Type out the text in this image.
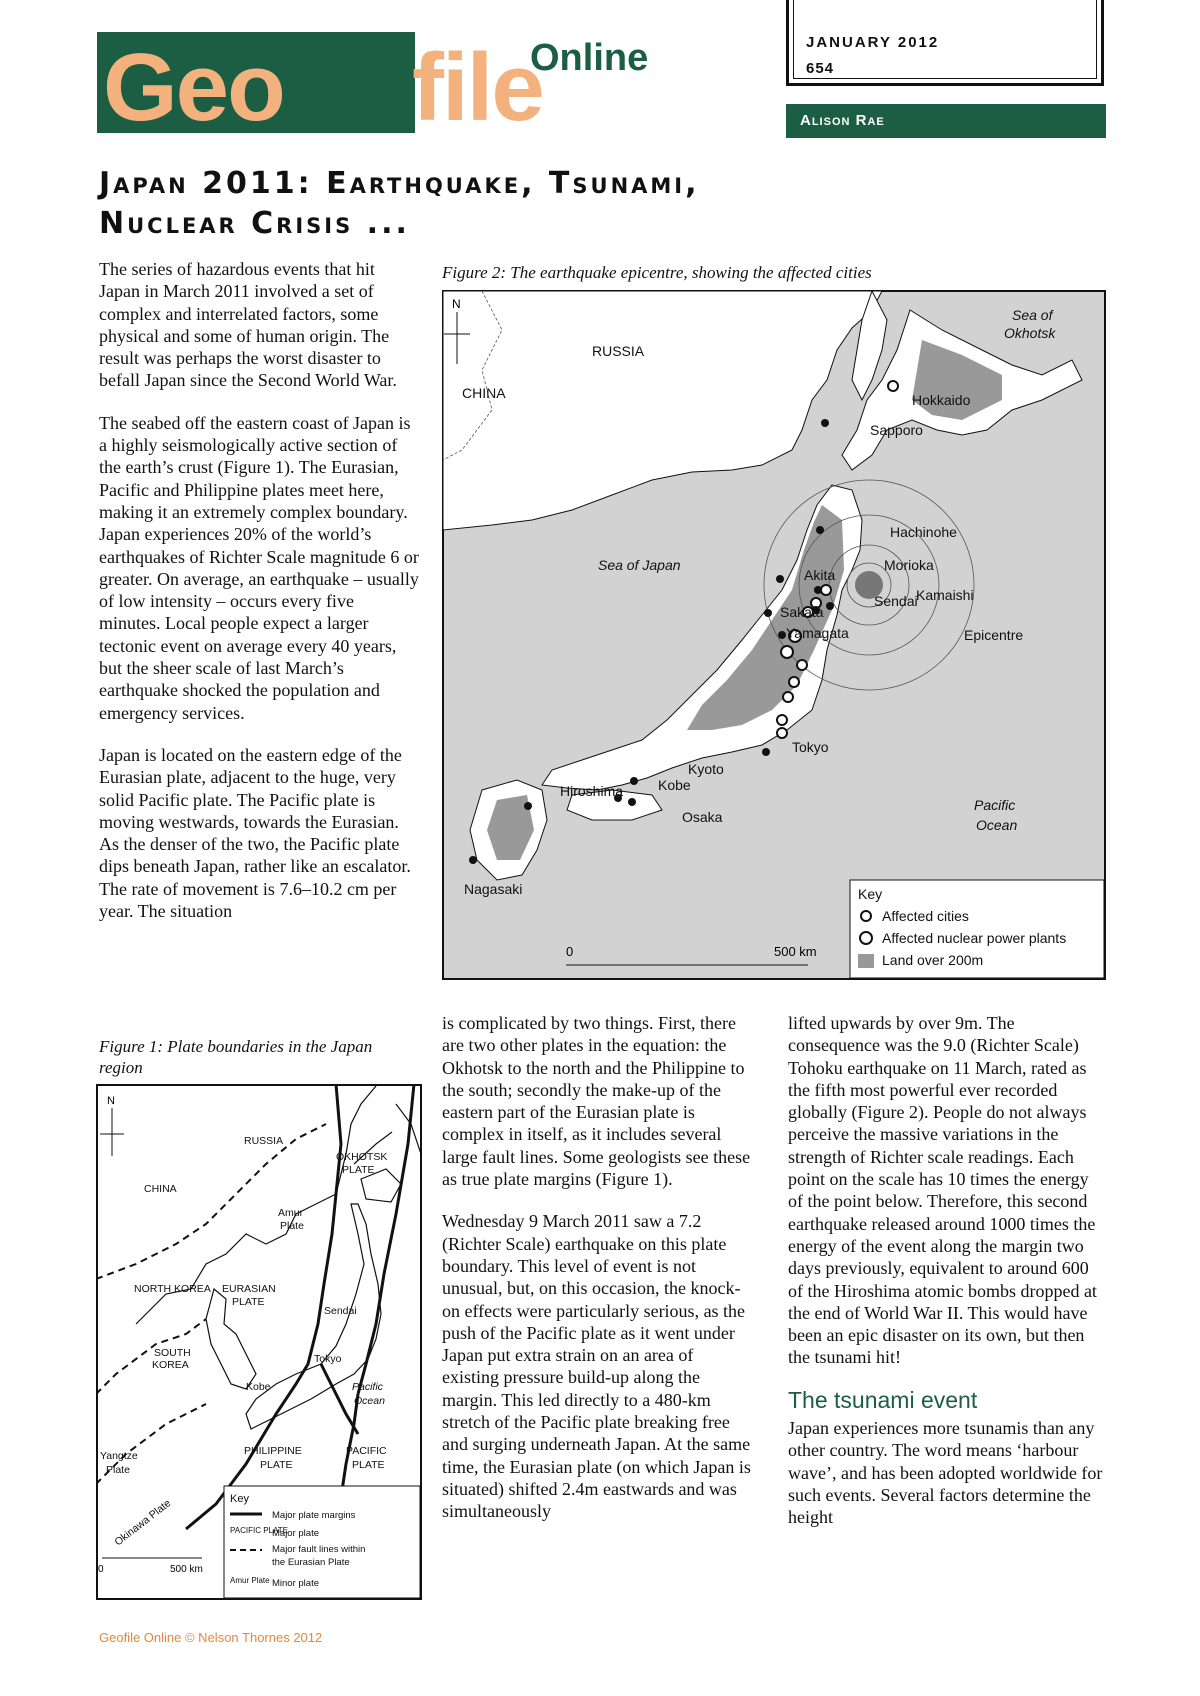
Geo file
Online	JANUARY 2012
654
Alison Rae
Japan 2011: Earthquake, Tsunami,
Nuclear Crisis ...

The series of hazardous events that hit Japan in March 2011 involved a set of complex and interrelated factors, some physical and some of human origin. The result was perhaps the worst disaster to befall Japan since the Second World War.

The seabed off the eastern coast of Japan is a highly seismologically active section of the earth’s crust (Figure 1). The Eurasian, Pacific and Philippine plates meet here, making it an extremely complex boundary. Japan experiences 20% of the world’s earthquakes of Richter Scale magnitude 6 or greater. On average, an earthquake – usually of low intensity – occurs every five minutes. Local people expect a larger tectonic event on average every 40 years, but the sheer scale of last March’s earthquake shocked the population and emergency services.

Japan is located on the eastern edge of the Eurasian plate, adjacent to the huge, very solid Pacific plate. The Pacific plate is moving westwards, towards the Eurasian. As the denser of the two, the Pacific plate dips beneath Japan, rather like an escalator. The rate of movement is 7.6–10.2 cm per year. The situation

Figure 1: Plate boundaries in the Japan region
N
RUSSIA
CHINA
OKHOTSK
PLATE
Amur
Plate
NORTH KOREA EURASIAN
PLATE
Sendai
SOUTH
KOREA	Tokyo
Kobe	Pacific
Ocean
PHILIPPINE
PLATE
PACIFIC
PLATE
Yangtze
Plate
Okinawa Plate
0	500 km
Key
Major plate margins
PACIFIC PLATE
Major plate
Major fault lines within
the Eurasian Plate
Amur Plate Minor plate
Figure 2: The earthquake epicentre, showing the affected cities
N
RUSSIA
CHINA
Sea of
Okhotsk
Hokkaido
Sapporo
Sea of Japan
Hachinohe
Akita
Morioka
Kamaishi
Sendai
Sakata
Yamagata	Epicentre
Tokyo
Kyoto
Kobe
Hiroshima
Osaka
Nagasaki
Pacific
Ocean
0	500 km
Key
Affected cities
Affected nuclear power plants
Land over 200m

is complicated by two things. First, there are two other plates in the equation: the Okhotsk to the north and the Philippine to the south; secondly the make-up of the eastern part of the Eurasian plate is complex in itself, as it includes several large fault lines. Some geologists see these as true plate margins (Figure 1).

Wednesday 9 March 2011 saw a 7.2 (Richter Scale) earthquake on this plate boundary. This level of event is not unusual, but, on this occasion, the knock-on effects were particularly serious, as the push of the Pacific plate as it went under Japan put extra strain on an area of existing pressure build-up along the margin. This led directly to a 480-km stretch of the Pacific plate breaking free and surging underneath Japan. At the same time, the Eurasian plate (on which Japan is situated) shifted 2.4m eastwards and was simultaneously

lifted upwards by over 9m. The consequence was the 9.0 (Richter Scale) Tohoku earthquake on 11 March, rated as the fifth most powerful ever recorded globally (Figure 2). People do not always perceive the massive variations in the strength of Richter scale readings. Each point on the scale has 10 times the energy of the point below. Therefore, this second earthquake released around 1000 times the energy of the event along the margin two days previously, equivalent to around 600 of the Hiroshima atomic bombs dropped at the end of World War II. This would have been an epic disaster on its own, but then the tsunami hit!

The tsunami event

Japan experiences more tsunamis than any other country. The word means ‘harbour wave’, and has been adopted worldwide for such events. Several factors determine the height

Geofile Online © Nelson Thornes 2012
